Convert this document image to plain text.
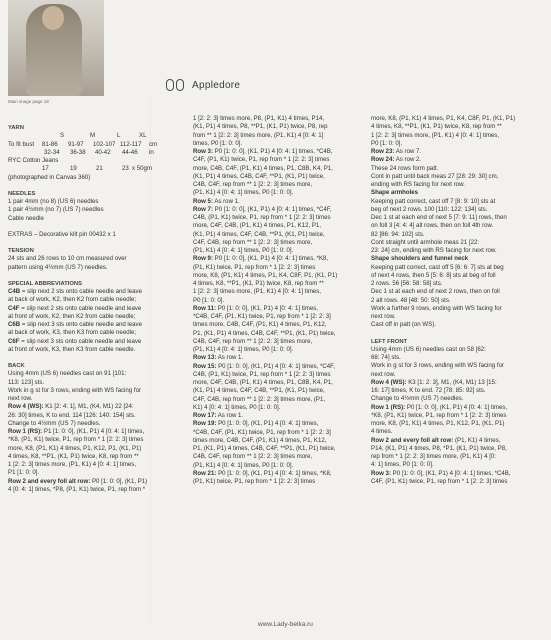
Main image page 18
Appledore
YARN
S	M	L	XL
To fit bust 81-86 91-97 102-107 112-117 cm
32-34 36-38 40-42 44-46 in
RYC Cotton Jeans
17	19	21	23 x 50gm
(photographed in Canvas 360)
NEEDLES
1 pair 4mm (no 8) (US 6) needles
1 pair 4½mm (no 7) (US 7) needles
Cable needle
EXTRAS – Decorative kilt pin 00432 x 1
TENSION
24 sts and 26 rows to 10 cm measured over
pattern using 4½mm (US 7) needles.
SPECIAL ABBREVIATIONS
C4B = slip next 2 sts onto cable needle and leave
at back of work, K2, then K2 from cable needle;
C4F = slip next 2 sts onto cable needle and leave
at front of work, K2, then K2 from cable needle;
C6B = slip next 3 sts onto cable needle and leave
at back of work, K3, then K3 from cable needle;
C6F = slip next 3 sts onto cable needle and leave
at front of work, K3, then K3 from cable needle.
BACK
Using 4mm (US 6) needles cast on 91 [101:
113: 123] sts.
Work in g st for 3 rows, ending with WS facing for
next row.
Row 4 (WS): K1 [2: 4: 1], M1, (K4, M1) 22 [24:
26: 30] times, K to end. 114 [126: 140: 154] sts.
Change to 4½mm (US 7) needles.
Row 1 (RS): P1 [1: 0: 0], (K1, P1) 4 [0: 4: 1] times,
*K8, (P1, K1) twice, P1, rep from * 1 [2: 2: 3] times
more, K8, (P1, K1) 4 times, P1, K12, P1, (K1, P1)
4 times, K8, **P1, (K1, P1) twice, K8, rep from **
1 [2: 2: 3] times more, (P1, K1) 4 [0: 4: 1] times,
P1 [1: 0: 0].
Row 2 and every foll alt row: P0 [1: 0: 0], (K1, P1)
4 [0: 4: 1] times, *P8, (P1, K1) twice, P1, rep from *
1 [2: 2: 3] times more, P8, (P1, K1) 4 times, P14,
(K1, P1) 4 times, P8, **P1, (K1, P1) twice, P8, rep
from ** 1 [2: 2: 3] times more, (P1, K1) 4 [0: 4: 1]
times, P0 [1: 0: 0].
Row 3: P0 [1: 0: 0], (K1, P1) 4 [0: 4: 1] times, *C4B,
C4F, (P1, K1) twice, P1, rep from * 1 [2: 2: 3] times
more, C4B, C4F, (P1, K1) 4 times, P1, C8B, K4, P1,
(K1, P1) 4 times, C4B, C4F, **P1, (K1, P1) twice,
C4B, C4F, rep from ** 1 [2: 2: 3] times more,
(P1, K1) 4 [0: 4: 1] times, P0 [1: 0: 0].
Row 5: As row 1.
Row 7: P0 [1: 0: 0], (K1, P1) 4 [0: 4: 1] times, *C4F,
C4B, (P1, K1) twice, P1, rep from * 1 [2: 2: 3] times
more, C4F, C4B, (P1, K1) 4 times, P1, K12, P1,
(K1, P1) 4 times, C4F, C4B, **P1, (K1, P1) twice,
C4F, C4B, rep from ** 1 [2: 2: 3] times more,
(P1, K1) 4 [0: 4: 1] times, P0 [1: 0: 0].
Row 9: P0 [1: 0: 0], (K1, P1) 4 [0: 4: 1] times, *K8,
(P1, K1) twice, P1, rep from * 1 [2: 2: 3] times
more, K8, (P1, K1) 4 times, P1, K4, C8F, P1, (K1, P1)
4 times, K8, **P1, (K1, P1) twice, K8, rep from **
1 [2: 2: 3] times more, (P1, K1) 4 [0: 4: 1] times,
P0 [1: 0: 0].
Row 11: P0 [1: 0: 0], (K1, P1) 4 [0: 4: 1] times,
*C4B, C4F, (P1, K1) twice, P1, rep from * 1 [2: 2: 3]
times more, C4B, C4F, (P1, K1) 4 times, P1, K12,
P1, (K1, P1) 4 times, C4B, C4F, **P1, (K1, P1) twice,
C4B, C4F, rep from ** 1 [2: 2: 3] times more,
(P1, K1) 4 [0: 4: 1] times, P0 [1: 0: 0].
Row 13: As row 1.
Row 15: P0 [1: 0: 0], (K1, P1) 4 [0: 4: 1] times, *C4F,
C4B, (P1, K1) twice, P1, rep from * 1 [2: 2: 3] times
more, C4F, C4B, (P1, K1) 4 times, P1, C8B, K4, P1,
(K1, P1) 4 times, C4F, C4B, **P1, (K1, P1) twice,
C4F, C4B, rep from ** 1 [2: 2: 3] times more, (P1,
K1) 4 [0: 4: 1] times, P0 [1: 0: 0].
Row 17: As row 1.
Row 19: P0 [1: 0: 0], (K1, P1) 4 [0: 4: 1] times,
*C4B, C4F, (P1, K1) twice, P1, rep from * 1 [2: 2: 3]
times more, C4B, C4F, (P1, K1) 4 times, P1, K12,
P1, (K1, P1) 4 times, C4B, C4F, **P1, (K1, P1) twice,
C4B, C4F, rep from ** 1 [2: 2: 3] times more,
(P1, K1) 4 [0: 4: 1] times, P0 [1: 0: 0].
Row 21: P0 [1: 0: 0], (K1, P1) 4 [0: 4: 1] times, *K8,
(P1, K1) twice, P1, rep from * 1 [2: 2: 3] times
more, K8, (P1, K1) 4 times, P1, K4, C8F, P1, (K1, P1)
4 times, K8, **P1, (K1, P1) twice, K8, rep from **
1 [2: 2: 3] times more, (P1, K1) 4 [0: 4: 1] times,
P0 [1: 0: 0].
Row 23: As row 7.
Row 24: As row 2.
These 24 rows form patt.
Cont in patt until back meas 27 [28: 29: 30] cm,
ending with RS facing for next row.
Shape armholes
Keeping patt correct, cast off 7 [8: 9: 10] sts at
beg of next 2 rows. 100 [110: 122: 134] sts.
Dec 1 st at each end of next 5 [7: 9: 11] rows, then
on foll 3 [4: 4: 4] alt rows, then on foll 4th row.
82 [86: 94: 102] sts.
Cont straight until armhole meas 21 [22:
23: 24] cm, ending with RS facing for next row.
Shape shoulders and funnel neck
Keeping patt correct, cast off 5 [6: 6: 7] sts at beg
of next 4 rows, then 5 [5: 6: 8] sts at beg of foll
2 rows. 56 [56: 58: 58] sts.
Dec 1 st at each end of next 2 rows, then on foll
2 alt rows. 48 [48: 50: 50] sts.
Work a further 9 rows, ending with WS facing for
next row.
Cast off in patt (on WS).
LEFT FRONT
Using 4mm (US 6) needles cast on 58 [62:
68: 74] sts.
Work in g st for 3 rows, ending with WS facing for
next row.
Row 4 (WS): K3 [1: 2: 3], M1, (K4, M1) 13 [15:
16: 17] times, K to end. 72 [78: 85: 92] sts.
Change to 4½mm (US 7) needles.
Row 1 (RS): P0 [1: 0: 0], (K1, P1) 4 [0: 4: 1] times,
*K8, (P1, K1) twice, P1, rep from * 1 [2: 2: 3] times
more, K8, (P1, K1) 4 times, P1, K12, P1, (K1, P1)
4 times.
Row 2 and every foll alt row: (P1, K1) 4 times,
P14, (K1, P1) 4 times, P8, *P1, (K1, P1) twice, P8,
rep from * 1 [2: 2: 3] times more, (P1, K1) 4 [0:
4: 1] times, P0 [1: 0: 0].
Row 3: P0 [1: 0: 0], (K1, P1) 4 [0: 4: 1] times, *C4B,
C4F, (P1, K1) twice, P1, rep from * 1 [2: 2: 3] times
www.Lady-belka.ru
